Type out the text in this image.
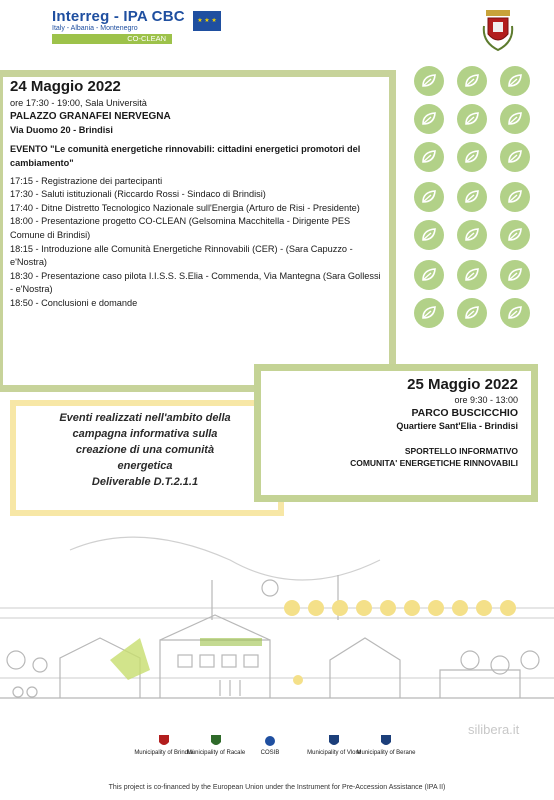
Interreg - IPA CBC
Italy - Albania - Montenegro
CO-CLEAN
★ ★ ★
24 Maggio 2022
ore 17:30 - 19:00, Sala Università
PALAZZO GRANAFEI NERVEGNA
Via Duomo 20 - Brindisi
EVENTO "Le comunità energetiche rinnovabili: cittadini energetici promotori del cambiamento"
17:15 - Registrazione dei partecipanti
17:30 - Saluti istituzionali (Riccardo Rossi - Sindaco di Brindisi)
17:40 - Ditne Distretto Tecnologico Nazionale sull'Energia (Arturo de Risi - Presidente)
18:00 - Presentazione progetto CO-CLEAN (Gelsomina Macchitella - Dirigente PES Comune di Brindisi)
18:15 - Introduzione alle Comunità Energetiche Rinnovabili (CER) - (Sara Capuzzo - e'Nostra)
18:30 - Presentazione caso pilota I.I.S.S. S.Elia - Commenda, Via Mantegna (Sara Gollessi - e'Nostra)
18:50 - Conclusioni e domande
25 Maggio 2022
ore 9:30 - 13:00
PARCO BUSCICCHIO
Quartiere Sant'Elia - Brindisi
SPORTELLO INFORMATIVO
COMUNITA' ENERGETICHE RINNOVABILI
Eventi realizzati nell'ambito della
campagna informativa sulla
creazione di una comunità
energetica
Deliverable D.T.2.1.1
Municipality of Brindisi
Municipality of Racale	COSIB	Municipality of Vlore
Municipality of Berane
silibera.it
This project is co-financed by the European Union under the Instrument for Pre-Accession Assistance (IPA II)
